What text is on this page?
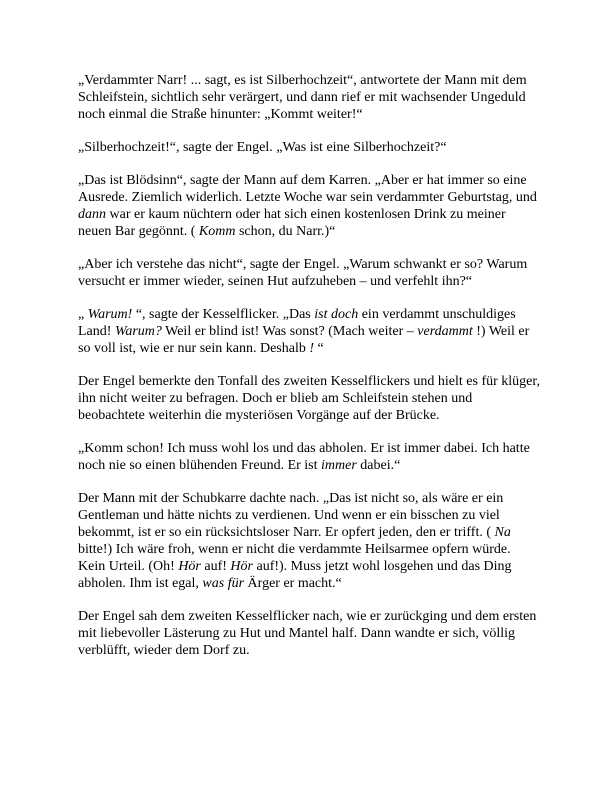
„Verdammter Narr! ... sagt, es ist Silberhochzeit“, antwortete der Mann mit dem Schleifstein, sichtlich sehr verärgert, und dann rief er mit wachsender Ungeduld noch einmal die Straße hinunter: „Kommt weiter!“

„Silberhochzeit!“, sagte der Engel. „Was ist eine Silberhochzeit?“

„Das ist Blödsinn“, sagte der Mann auf dem Karren. „Aber er hat immer so eine Ausrede. Ziemlich widerlich. Letzte Woche war sein verdammter Geburtstag, und dann war er kaum nüchtern oder hat sich einen kostenlosen Drink zu meiner neuen Bar gegönnt. ( Komm schon, du Narr.)“

„Aber ich verstehe das nicht“, sagte der Engel. „Warum schwankt er so? Warum versucht er immer wieder, seinen Hut aufzuheben – und verfehlt ihn?“

„ Warum! “, sagte der Kesselflicker. „Das ist doch ein verdammt unschuldiges Land! Warum? Weil er blind ist! Was sonst? (Mach weiter – verdammt !) Weil er so voll ist, wie er nur sein kann. Deshalb ! “

Der Engel bemerkte den Tonfall des zweiten Kesselflickers und hielt es für klüger, ihn nicht weiter zu befragen. Doch er blieb am Schleifstein stehen und beobachtete weiterhin die mysteriösen Vorgänge auf der Brücke.

„Komm schon! Ich muss wohl los und das abholen. Er ist immer dabei. Ich hatte noch nie so einen blühenden Freund. Er ist immer dabei.“

Der Mann mit der Schubkarre dachte nach. „Das ist nicht so, als wäre er ein Gentleman und hätte nichts zu verdienen. Und wenn er ein bisschen zu viel bekommt, ist er so ein rücksichtsloser Narr. Er opfert jeden, den er trifft. ( Na bitte!) Ich wäre froh, wenn er nicht die verdammte Heilsarmee opfern würde. Kein Urteil. (Oh! Hör auf! Hör auf!). Muss jetzt wohl losgehen und das Ding abholen. Ihm ist egal, was für Ärger er macht.“

Der Engel sah dem zweiten Kesselflicker nach, wie er zurückging und dem ersten mit liebevoller Lästerung zu Hut und Mantel half. Dann wandte er sich, völlig verblüfft, wieder dem Dorf zu.
